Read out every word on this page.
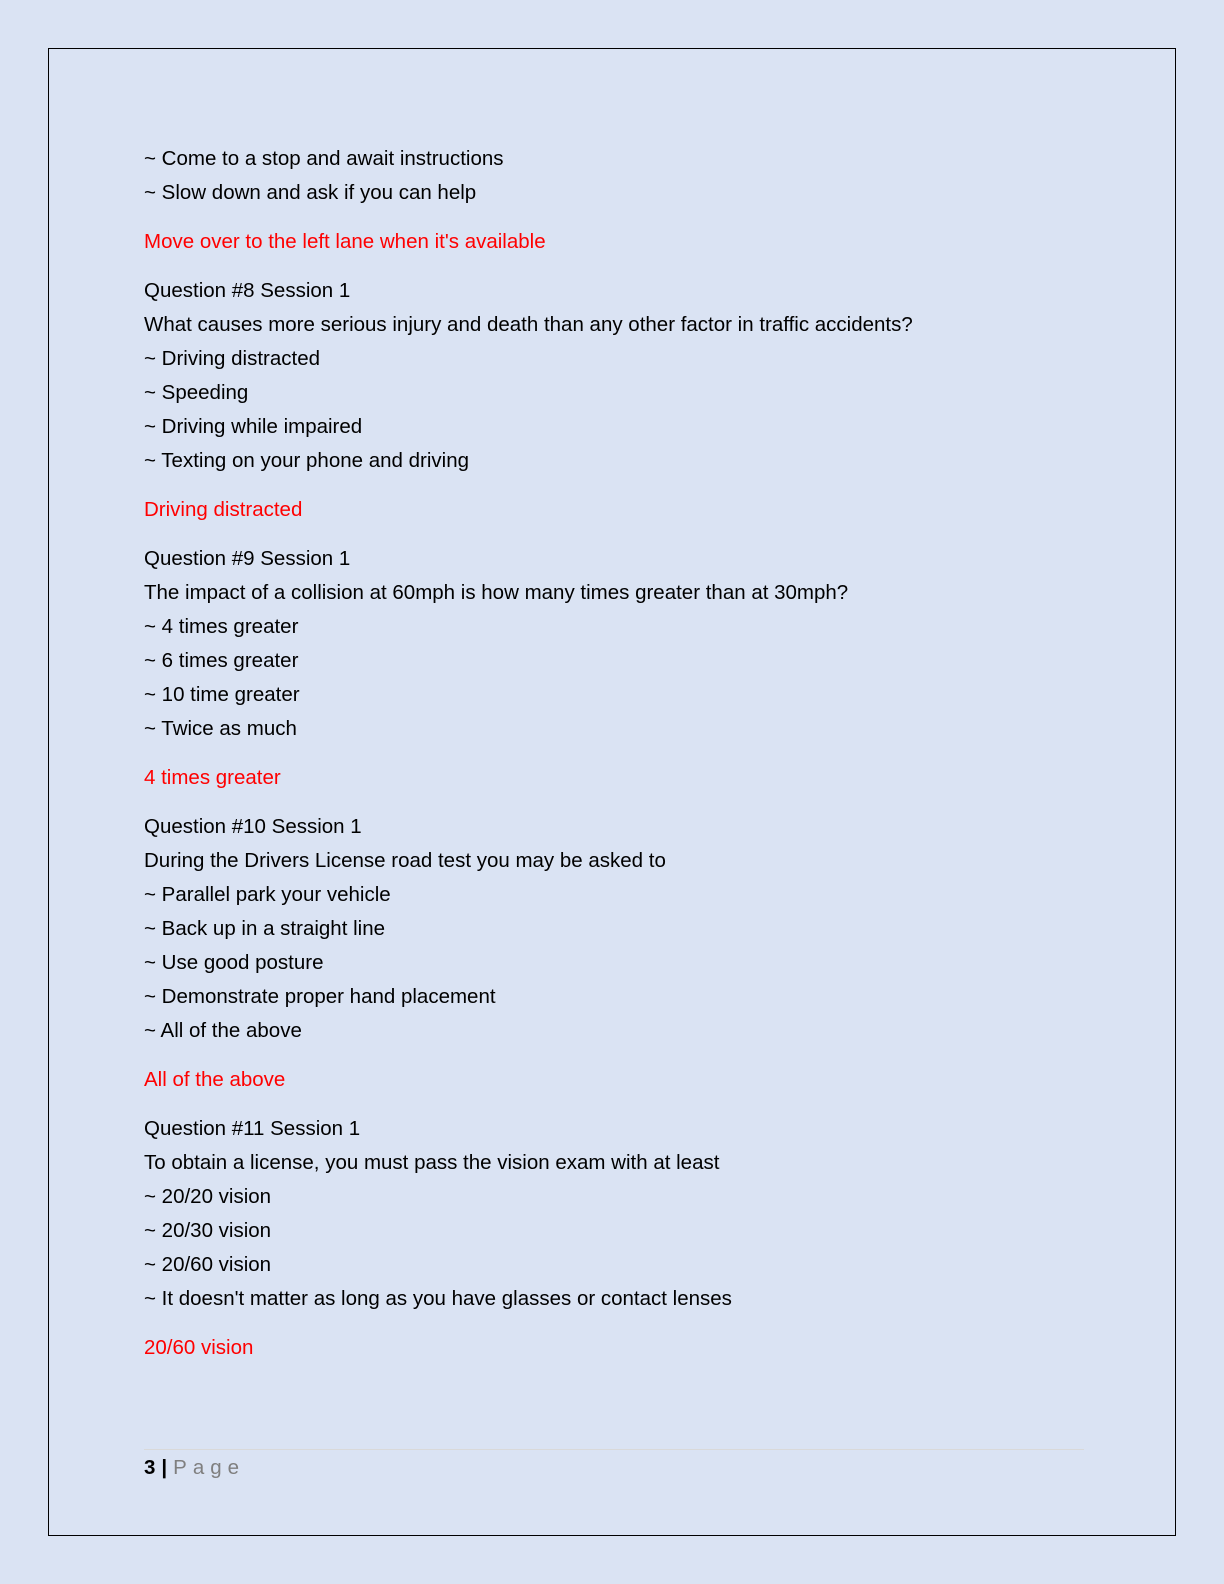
~ Come to a stop and await instructions

~ Slow down and ask if you can help

Move over to the left lane when it's available

Question #8 Session 1

What causes more serious injury and death than any other factor in traffic accidents?

~ Driving distracted

~ Speeding

~ Driving while impaired

~ Texting on your phone and driving

Driving distracted

Question #9 Session 1

The impact of a collision at 60mph is how many times greater than at 30mph?

~ 4 times greater

~ 6 times greater

~ 10 time greater

~ Twice as much

4 times greater

Question #10 Session 1

During the Drivers License road test you may be asked to

~ Parallel park your vehicle

~ Back up in a straight line

~ Use good posture

~ Demonstrate proper hand placement

~ All of the above

All of the above

Question #11 Session 1

To obtain a license, you must pass the vision exam with at least

~ 20/20 vision

~ 20/30 vision

~ 20/60 vision

~ It doesn't matter as long as you have glasses or contact lenses

20/60 vision

3 | Page
